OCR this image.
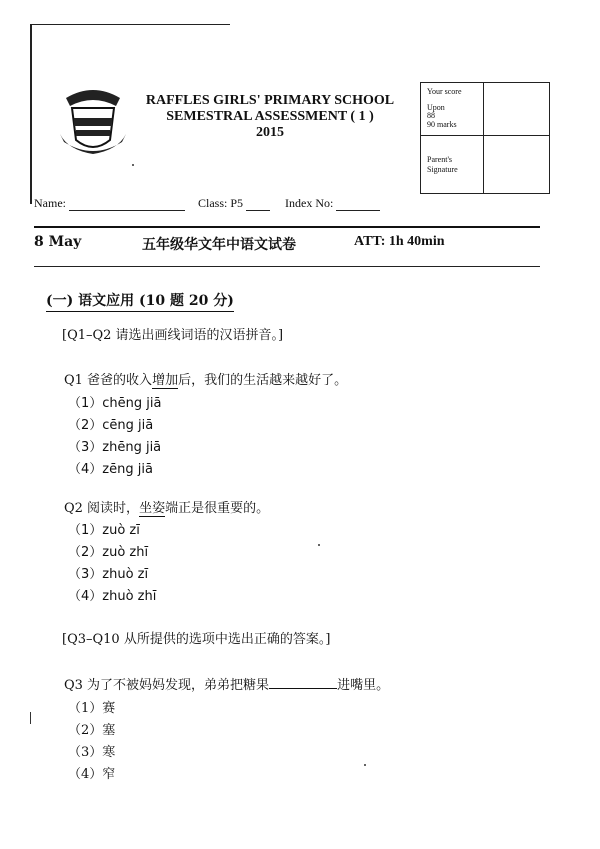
RAFFLES GIRLS' PRIMARY SCHOOL
SEMESTRAL ASSESSMENT ( 1 )
2015
Your score
Upon
88
90 marks
Parent's
Signature
Name:	Class: P5	Index No:
8 May	五年级华文年中语文试卷	ATT: 1h 40min
(一) 语文应用 (10 题 20 分)
[Q1–Q2 请选出画线词语的汉语拼音。]
Q1 爸爸的收入增加后，我们的生活越来越好了。
（1）chēng jiā
（2）cēng jiā
（3）zhēng jiā
（4）zēng jiā
Q2 阅读时，坐姿端正是很重要的。
（1）zuò zī
（2）zuò zhī
（3）zhuò zī
（4）zhuò zhī
[Q3–Q10 从所提供的选项中选出正确的答案。]
Q3 为了不被妈妈发现，弟弟把糖果	进嘴里。
（1）赛
（2）塞
（3）寒
（4）窄
